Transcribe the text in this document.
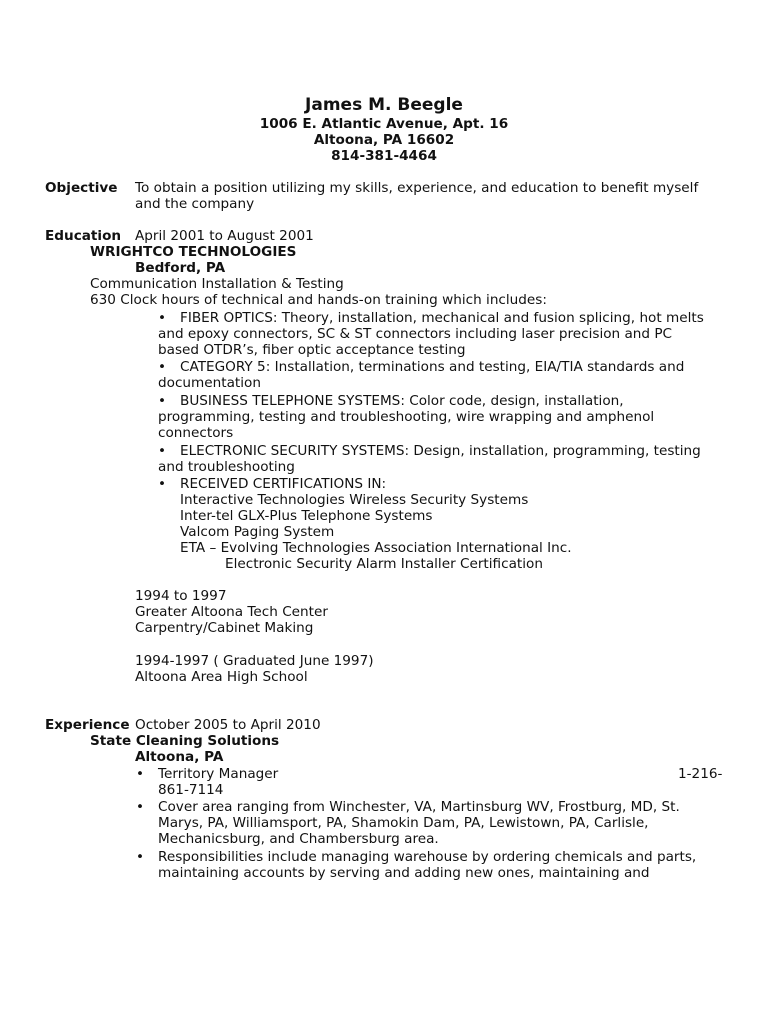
James M. Beegle
1006 E. Atlantic Avenue, Apt. 16
Altoona, PA 16602
814-381-4464
Objective To obtain a position utilizing my skills, experience, and education to benefit myself
and the company
Education April 2001 to August 2001
WRIGHTCO TECHNOLOGIES
Bedford, PA
Communication Installation & Testing
630 Clock hours of technical and hands-on training which includes:
• FIBER OPTICS: Theory, installation, mechanical and fusion splicing, hot melts
and epoxy connectors, SC & ST connectors including laser precision and PC
based OTDR’s, fiber optic acceptance testing
• CATEGORY 5: Installation, terminations and testing, EIA/TIA standards and
documentation
• BUSINESS TELEPHONE SYSTEMS: Color code, design, installation,
programming, testing and troubleshooting, wire wrapping and amphenol
connectors
• ELECTRONIC SECURITY SYSTEMS: Design, installation, programming, testing
and troubleshooting
• RECEIVED CERTIFICATIONS IN:
Interactive Technologies Wireless Security Systems
Inter-tel GLX-Plus Telephone Systems
Valcom Paging System
ETA – Evolving Technologies Association International Inc.
Electronic Security Alarm Installer Certification
1994 to 1997
Greater Altoona Tech Center
Carpentry/Cabinet Making
1994-1997 ( Graduated June 1997)
Altoona Area High School
Experience October 2005 to April 2010
State Cleaning Solutions
Altoona, PA
• Territory Manager	1-216-
861-7114
• Cover area ranging from Winchester, VA, Martinsburg WV, Frostburg, MD, St.
Marys, PA, Williamsport, PA, Shamokin Dam, PA, Lewistown, PA, Carlisle,
Mechanicsburg, and Chambersburg area.
• Responsibilities include managing warehouse by ordering chemicals and parts,
maintaining accounts by serving and adding new ones, maintaining and
